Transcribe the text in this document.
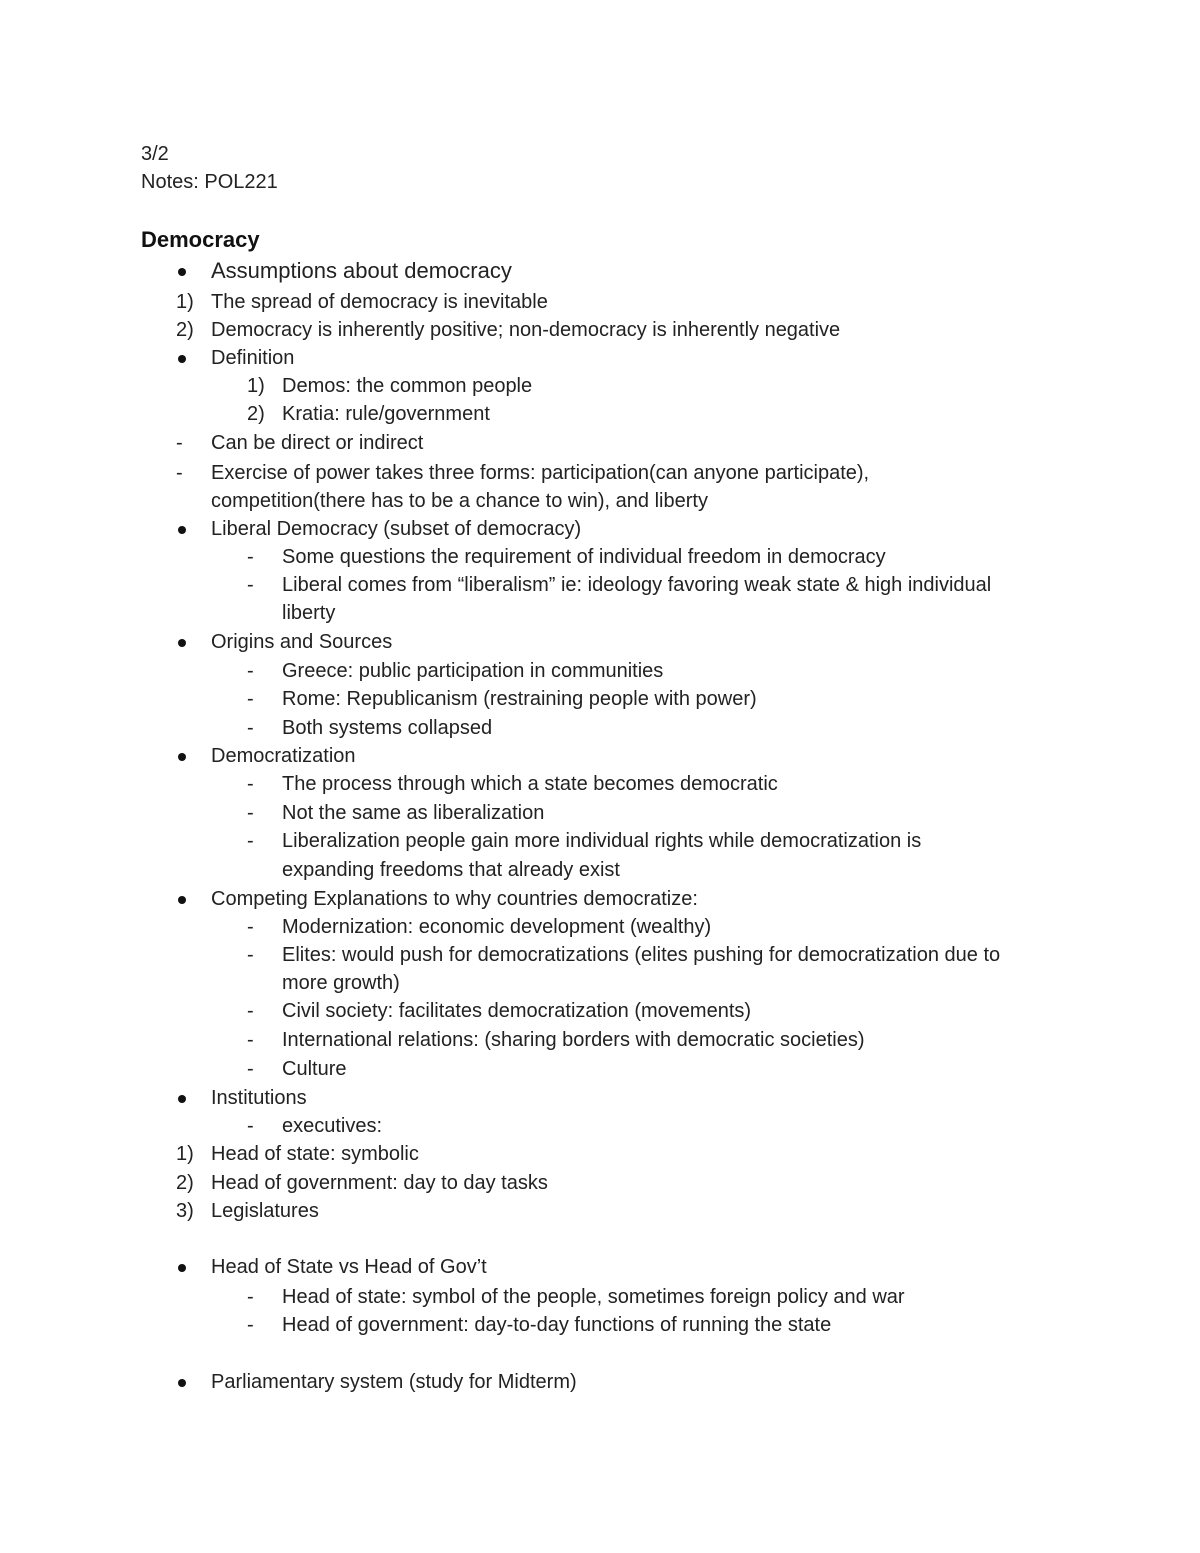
3/2
Notes: POL221
Democracy
Assumptions about democracy
1) The spread of democracy is inevitable
2) Democracy is inherently positive; non-democracy is inherently negative
Definition
1) Demos: the common people
2) Kratia: rule/government
- Can be direct or indirect
- Exercise of power takes three forms: participation(can anyone participate),
competition(there has to be a chance to win), and liberty
Liberal Democracy (subset of democracy)
- Some questions the requirement of individual freedom in democracy
- Liberal comes from “liberalism” ie: ideology favoring weak state & high individual
liberty
Origins and Sources
- Greece: public participation in communities
- Rome: Republicanism (restraining people with power)
- Both systems collapsed
Democratization
- The process through which a state becomes democratic
- Not the same as liberalization
- Liberalization people gain more individual rights while democratization is
expanding freedoms that already exist
Competing Explanations to why countries democratize:
- Modernization: economic development (wealthy)
- Elites: would push for democratizations (elites pushing for democratization due to
more growth)
- Civil society: facilitates democratization (movements)
- International relations: (sharing borders with democratic societies)
- Culture
Institutions
- executives:
1) Head of state: symbolic
2) Head of government: day to day tasks
3) Legislatures
Head of State vs Head of Gov’t
- Head of state: symbol of the people, sometimes foreign policy and war
- Head of government: day-to-day functions of running the state
Parliamentary system (study for Midterm)
